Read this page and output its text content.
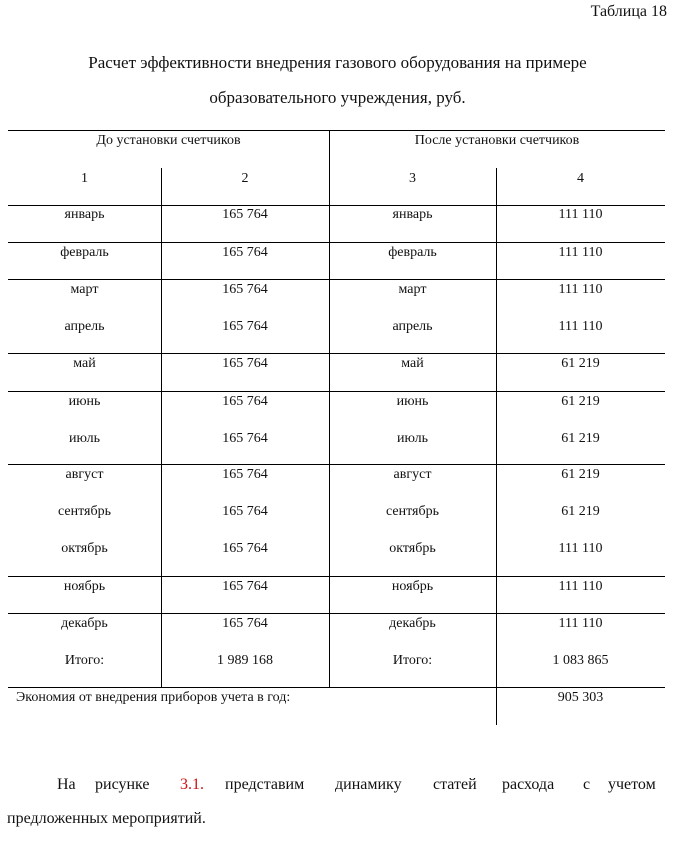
Таблица 18
Расчет эффективности внедрения газового оборудования на примере
образовательного учреждения, руб.
До установки счетчиков	После установки счетчиков
1	2	3	4
январь	165 764	январь	111 110
февраль	165 764	февраль	111 110
март	165 764	март	111 110
апрель	165 764	апрель	111 110
май	165 764	май	61 219
июнь	165 764	июнь	61 219
июль	165 764	июль	61 219
август	165 764	август	61 219
сентябрь	165 764	сентябрь	61 219
октябрь	165 764	октябрь	111 110
ноябрь	165 764	ноябрь	111 110
декабрь	165 764	декабрь	111 110
Итого:	1 989 168	Итого:	1 083 865
Экономия от внедрения приборов учета в год:	905 303
На рисунке 3.1. представим динамику статей расхода с учетом
предложенных мероприятий.
